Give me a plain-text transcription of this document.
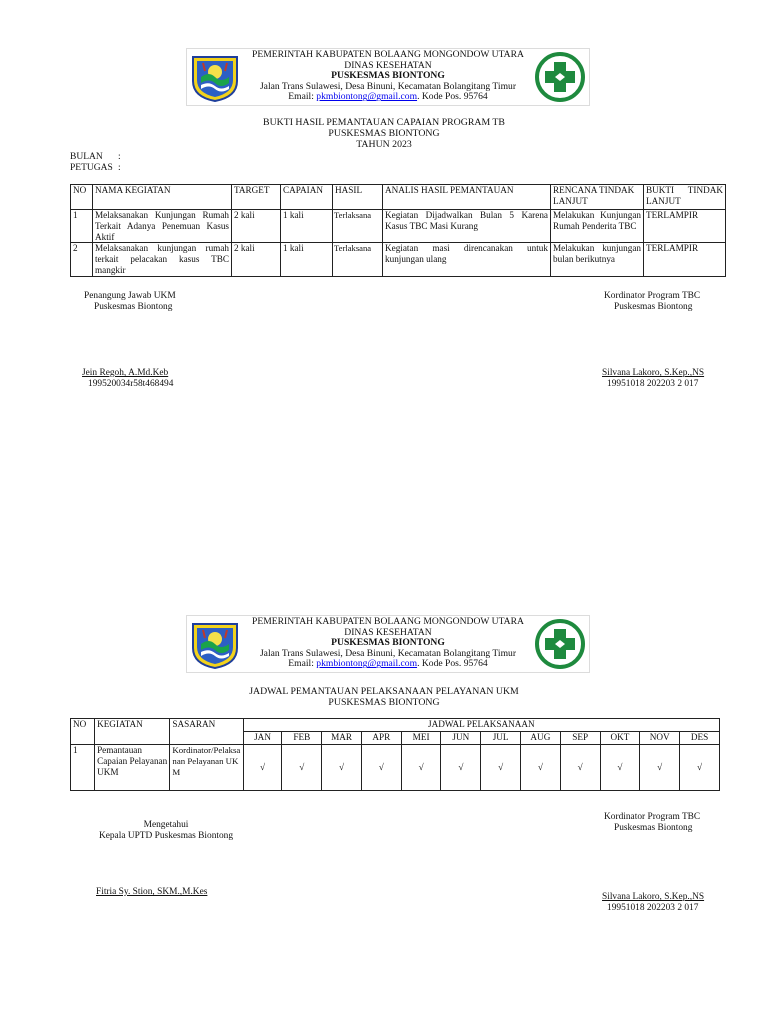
PEMERINTAH KABUPATEN BOLAANG MONGONDOW UTARA
DINAS KESEHATAN
PUSKESMAS BIONTONG
Jalan Trans Sulawesi, Desa Binuni, Kecamatan Bolangitang Timur
Email: pkmbiontong@gmail.com. Kode Pos. 95764
BUKTI HASIL PEMANTAUAN CAPAIAN PROGRAM TB
PUSKESMAS BIONTONG
TAHUN 2023
BULAN :
PETUGAS :
NO	NAMA KEGIATAN	TARGET	CAPAIAN	HASIL	ANALIS HASIL PEMANTAUAN	RENCANA TINDAK LANJUT	BUKTI TINDAK LANJUT
1	Melaksanakan Kunjungan Rumah Terkait Adanya Penemuan Kasus Aktif	2 kali	1 kali	Terlaksana	Kegiatan Dijadwalkan Bulan 5 Karena Kasus TBC Masi Kurang	Melakukan Kunjungan Rumah Penderita TBC	TERLAMPIR
2	Melaksanakan kunjungan rumah terkait pelacakan kasus TBC mangkir	2 kali	1 kali	Terlaksana	Kegiatan masi direncanakan untuk kunjungan ulang	Melakukan kunjungan bulan berikutnya	TERLAMPIR
Penangung Jawab UKM
Puskesmas Biontong
Jein Regoh, A.Md.Keb
199520034r58t468494
Kordinator Program TBC
Puskesmas Biontong
Silvana Lakoro, S.Kep.,NS
19951018 202203 2 017
PEMERINTAH KABUPATEN BOLAANG MONGONDOW UTARA
DINAS KESEHATAN
PUSKESMAS BIONTONG
Jalan Trans Sulawesi, Desa Binuni, Kecamatan Bolangitang Timur
Email: pkmbiontong@gmail.com. Kode Pos. 95764
JADWAL PEMANTAUAN PELAKSANAAN PELAYANAN UKM
PUSKESMAS BIONTONG
NO	KEGIATAN	SASARAN	JADWAL PELAKSANAAN											
			JAN	FEB	MAR	APR	MEI	JUN	JUL	AUG	SEP	OKT	NOV	DES
1	Pemantauan Capaian Pelayanan UKM	Kordinator/Pelaksanan Pelayanan UKM	√	√	√	√	√	√	√	√	√	√	√	√
Mengetahui
Kepala UPTD Puskesmas Biontong
Fitria Sy. Stion, SKM.,M.Kes
Kordinator Program TBC
Puskesmas Biontong
Silvana Lakoro, S.Kep.,NS
19951018 202203 2 017
